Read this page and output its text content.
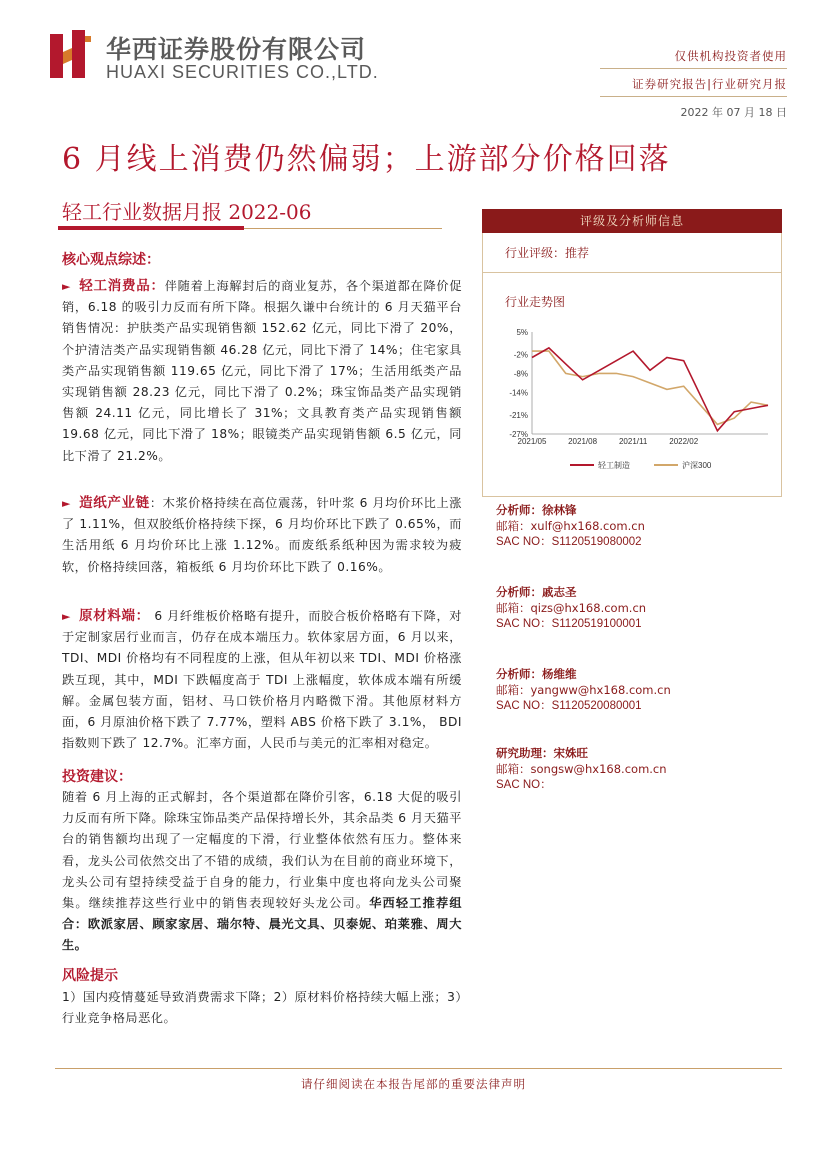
华西证券股份有限公司
HUAXI SECURITIES CO.,LTD.
仅供机构投资者使用
证券研究报告|行业研究月报
2022 年 07 月 18 日
6 月线上消费仍然偏弱；上游部分价格回落
轻工行业数据月报 2022-06
核心观点综述：
► 轻工消费品：伴随着上海解封后的商业复苏，各个渠道都在降价促销，6.18 的吸引力反而有所下降。根据久谦中台统计的 6 月天猫平台销售情况：护肤类产品实现销售额 152.62 亿元，同比下滑了 20%，个护清洁类产品实现销售额 46.28 亿元，同比下滑了 14%；住宅家具类产品实现销售额 119.65 亿元，同比下滑了 17%；生活用纸类产品实现销售额 28.23 亿元，同比下滑了 0.2%；珠宝饰品类产品实现销售额 24.11 亿元，同比增长了 31%；文具教育类产品实现销售额 19.68 亿元，同比下滑了 18%；眼镜类产品实现销售额 6.5 亿元，同比下滑了 21.2%。
► 造纸产业链：木浆价格持续在高位震荡，针叶浆 6 月均价环比上涨了 1.11%，但双胶纸价格持续下探，6 月均价环比下跌了 0.65%，而生活用纸 6 月均价环比上涨 1.12%。而废纸系纸种因为需求较为疲软，价格持续回落，箱板纸 6 月均价环比下跌了 0.16%。
► 原材料端： 6 月纤维板价格略有提升，而胶合板价格略有下降，对于定制家居行业而言，仍存在成本端压力。软体家居方面，6 月以来，TDI、MDI 价格均有不同程度的上涨，但从年初以来 TDI、MDI 价格涨跌互现，其中，MDI 下跌幅度高于 TDI 上涨幅度，软体成本端有所缓解。金属包装方面，铝材、马口铁价格月内略微下滑。其他原材料方面，6 月原油价格下跌了 7.77%，塑料 ABS 价格下跌了 3.1%， BDI 指数则下跌了 12.7%。汇率方面，人民币与美元的汇率相对稳定。
投资建议：
随着 6 月上海的正式解封，各个渠道都在降价引客，6.18 大促的吸引力反而有所下降。除珠宝饰品类产品保持增长外，其余品类 6 月天猫平台的销售额均出现了一定幅度的下滑，行业整体依然有压力。整体来看，龙头公司依然交出了不错的成绩，我们认为在目前的商业环境下，龙头公司有望持续受益于自身的能力，行业集中度也将向龙头公司聚集。继续推荐这些行业中的销售表现较好头龙公司。华西轻工推荐组合：欧派家居、顾家家居、瑞尔特、晨光文具、贝泰妮、珀莱雅、周大生。
风险提示
1）国内疫情蔓延导致消费需求下降；2）原材料价格持续大幅上涨；3）行业竞争格局恶化。
评级及分析师信息
行业评级：推荐
行业走势图
5%
-2%
-8%
-14%
-21%
-27%
2021/05	2021/08	2021/11	2022/02
轻工制造	沪深300
分析师：徐林锋
邮箱：xulf@hx168.com.cn
SAC NO：S1120519080002
分析师：戚志圣
邮箱：qizs@hx168.com.cn
SAC NO：S1120519100001
分析师：杨维维
邮箱：yangww@hx168.com.cn
SAC NO：S1120520080001
研究助理：宋姝旺
邮箱：songsw@hx168.com.cn
SAC NO：
请仔细阅读在本报告尾部的重要法律声明
